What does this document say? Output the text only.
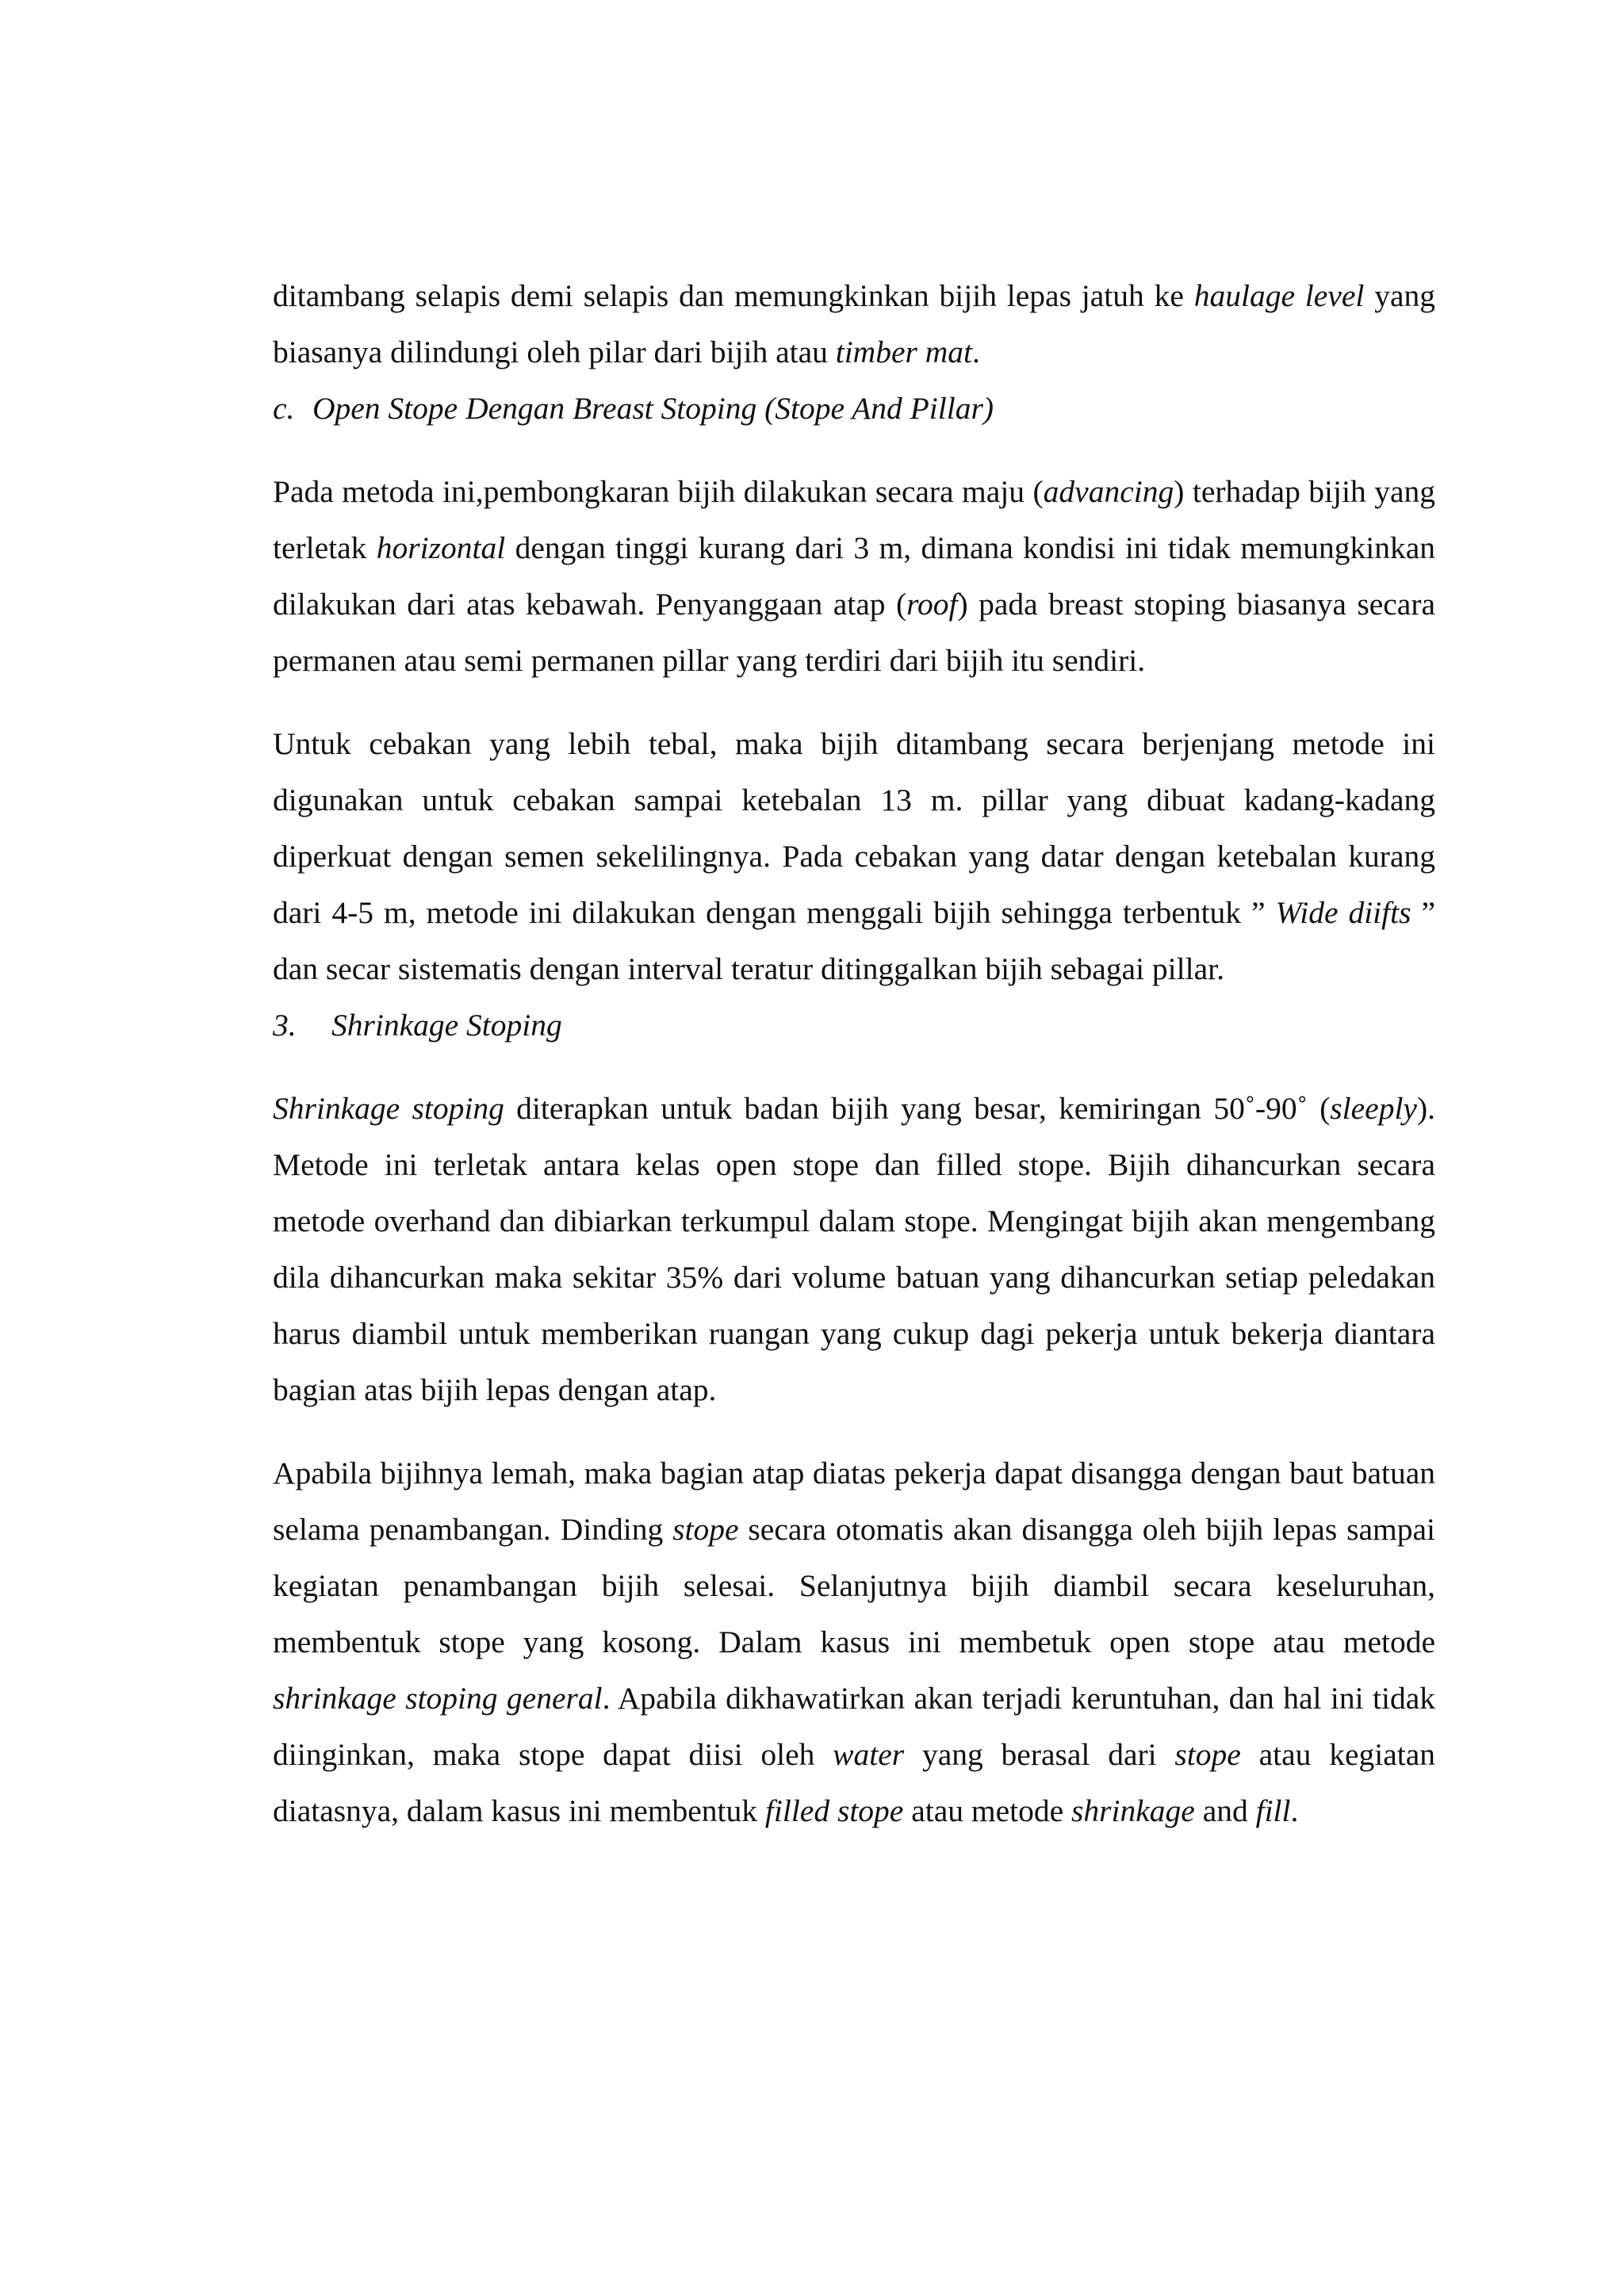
ditambang selapis demi selapis dan memungkinkan bijih lepas jatuh ke haulage level yang biasanya dilindungi oleh pilar dari bijih atau timber mat.

c. Open Stope Dengan Breast Stoping (Stope And Pillar)

Pada metoda ini,pembongkaran bijih dilakukan secara maju (advancing) terhadap bijih yang terletak horizontal dengan tinggi kurang dari 3 m, dimana kondisi ini tidak memungkinkan dilakukan dari atas kebawah. Penyanggaan atap (roof) pada breast stoping biasanya secara permanen atau semi permanen pillar yang terdiri dari bijih itu sendiri.

Untuk cebakan yang lebih tebal, maka bijih ditambang secara berjenjang metode ini digunakan untuk cebakan sampai ketebalan 13 m. pillar yang dibuat kadang-kadang diperkuat dengan semen sekelilingnya. Pada cebakan yang datar dengan ketebalan kurang dari 4-5 m, metode ini dilakukan dengan menggali bijih sehingga terbentuk ” Wide diifts ” dan secar sistematis dengan interval teratur ditinggalkan bijih sebagai pillar.

3. Shrinkage Stoping

Shrinkage stoping diterapkan untuk badan bijih yang besar, kemiringan 50˚-90˚ (sleeply). Metode ini terletak antara kelas open stope dan filled stope. Bijih dihancurkan secara metode overhand dan dibiarkan terkumpul dalam stope. Mengingat bijih akan mengembang dila dihancurkan maka sekitar 35% dari volume batuan yang dihancurkan setiap peledakan harus diambil untuk memberikan ruangan yang cukup dagi pekerja untuk bekerja diantara bagian atas bijih lepas dengan atap.

Apabila bijihnya lemah, maka bagian atap diatas pekerja dapat disangga dengan baut batuan selama penambangan. Dinding stope secara otomatis akan disangga oleh bijih lepas sampai kegiatan penambangan bijih selesai. Selanjutnya bijih diambil secara keseluruhan, membentuk stope yang kosong. Dalam kasus ini membetuk open stope atau metode shrinkage stoping general. Apabila dikhawatirkan akan terjadi keruntuhan, dan hal ini tidak diinginkan, maka stope dapat diisi oleh water yang berasal dari stope atau kegiatan diatasnya, dalam kasus ini membentuk filled stope atau metode shrinkage and fill.
